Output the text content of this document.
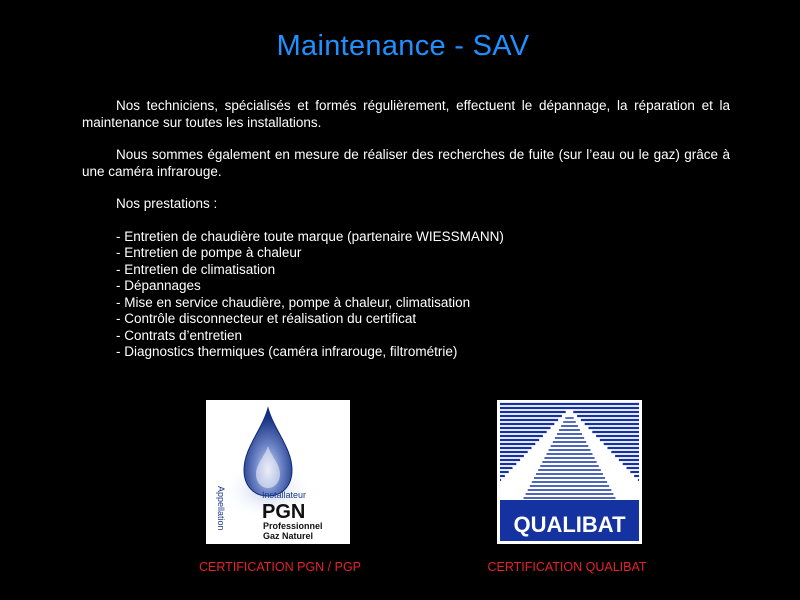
Maintenance - SAV

Nos techniciens, spécialisés et formés régulièrement, effectuent le dépannage, la réparation et la maintenance sur toutes les installations.

Nous sommes également en mesure de réaliser des recherches de fuite (sur l’eau ou le gaz) grâce à une caméra infrarouge.

Nos prestations :

- Entretien de chaudière toute marque (partenaire WIESSMANN)
- Entretien de pompe à chaleur
- Entretien de climatisation
- Dépannages
- Mise en service chaudière, pompe à chaleur, climatisation
- Contrôle disconnecteur et réalisation du certificat
- Contrats d’entretien
- Diagnostics thermiques (caméra infrarouge, filtrométrie)
Appellation	Installateur
PGN
Professionnel
Gaz Naturel	QUALIBAT
CERTIFICATION PGN / PGP	CERTIFICATION QUALIBAT
